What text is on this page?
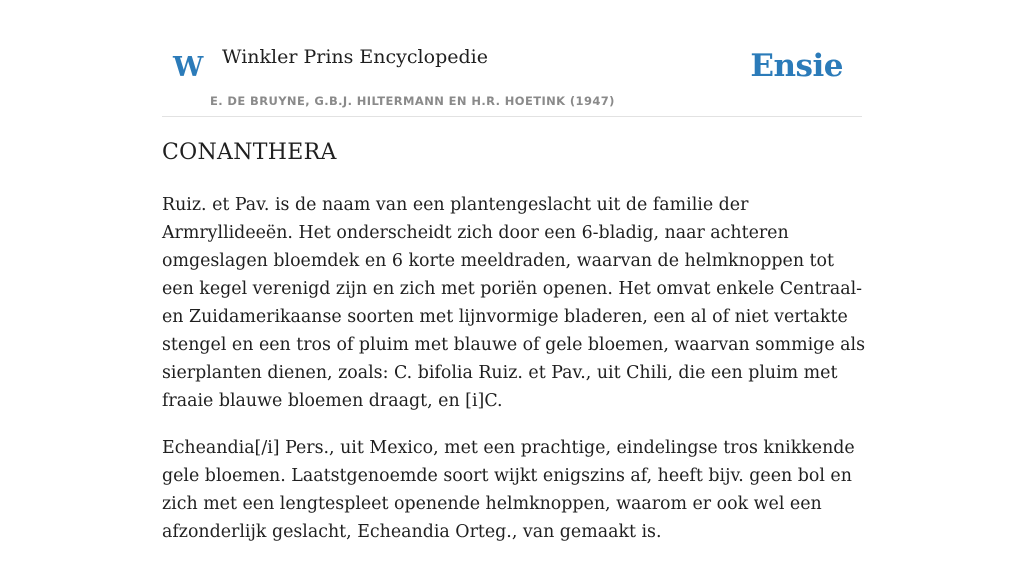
W Winkler Prins Encyclopedie
E. DE BRUYNE, G.B.J. HILTERMANN EN H.R. HOETINK (1947)
Ensie
CONANTHERA

Ruiz. et Pav. is de naam van een plantengeslacht uit de familie der Armryllideeën. Het onderscheidt zich door een 6-bladig, naar achteren omgeslagen bloemdek en 6 korte meeldraden, waarvan de helmknoppen tot een kegel verenigd zijn en zich met poriën openen. Het omvat enkele Centraal- en Zuidamerikaanse soorten met lijnvormige bladeren, een al of niet vertakte stengel en een tros of pluim met blauwe of gele bloemen, waarvan sommige als sierplanten dienen, zoals: C. bifolia Ruiz. et Pav., uit Chili, die een pluim met fraaie blauwe bloemen draagt, en [i]C.

Echeandia[/i] Pers., uit Mexico, met een prachtige, eindelingse tros knikkende gele bloemen. Laatstgenoemde soort wijkt enigszins af, heeft bijv. geen bol en zich met een lengtespleet openende helmknoppen, waarom er ook wel een afzonderlijk geslacht, Echeandia Orteg., van gemaakt is.
